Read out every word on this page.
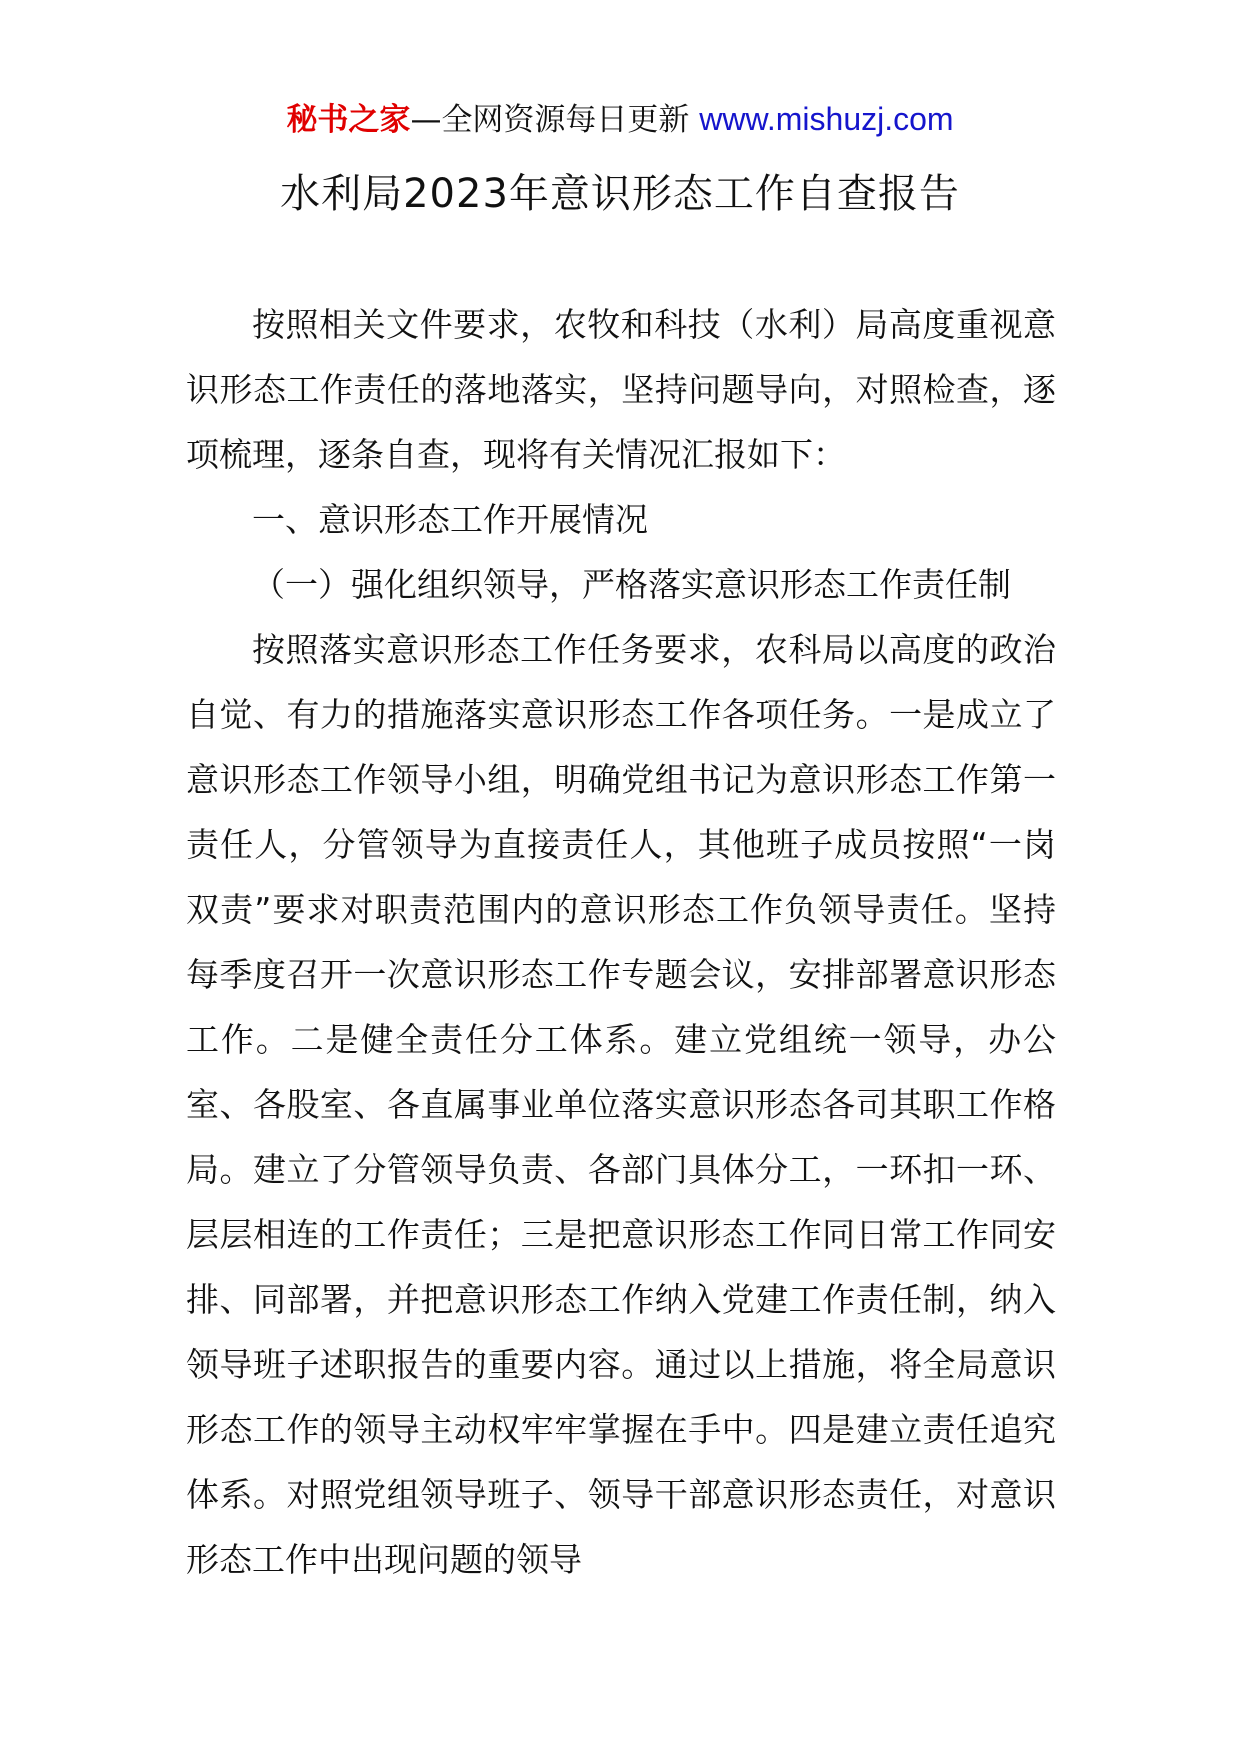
秘书之家—全网资源每日更新 www.mishuzj.com
水利局2023年意识形态工作自查报告

按照相关文件要求，农牧和科技（水利）局高度重视意识形态工作责任的落地落实，坚持问题导向，对照检查，逐项梳理，逐条自查，现将有关情况汇报如下：

一、意识形态工作开展情况

（一）强化组织领导，严格落实意识形态工作责任制

按照落实意识形态工作任务要求，农科局以高度的政治自觉、有力的措施落实意识形态工作各项任务。一是成立了意识形态工作领导小组，明确党组书记为意识形态工作第一责任人，分管领导为直接责任人，其他班子成员按照“一岗双责”要求对职责范围内的意识形态工作负领导责任。坚持每季度召开一次意识形态工作专题会议，安排部署意识形态工作。二是健全责任分工体系。建立党组统一领导，办公室、各股室、各直属事业单位落实意识形态各司其职工作格局。建立了分管领导负责、各部门具体分工，一环扣一环、层层相连的工作责任；三是把意识形态工作同日常工作同安排、同部署，并把意识形态工作纳入党建工作责任制，纳入领导班子述职报告的重要内容。通过以上措施，将全局意识形态工作的领导主动权牢牢掌握在手中。四是建立责任追究体系。对照党组领导班子、领导干部意识形态责任，对意识形态工作中出现问题的领导
